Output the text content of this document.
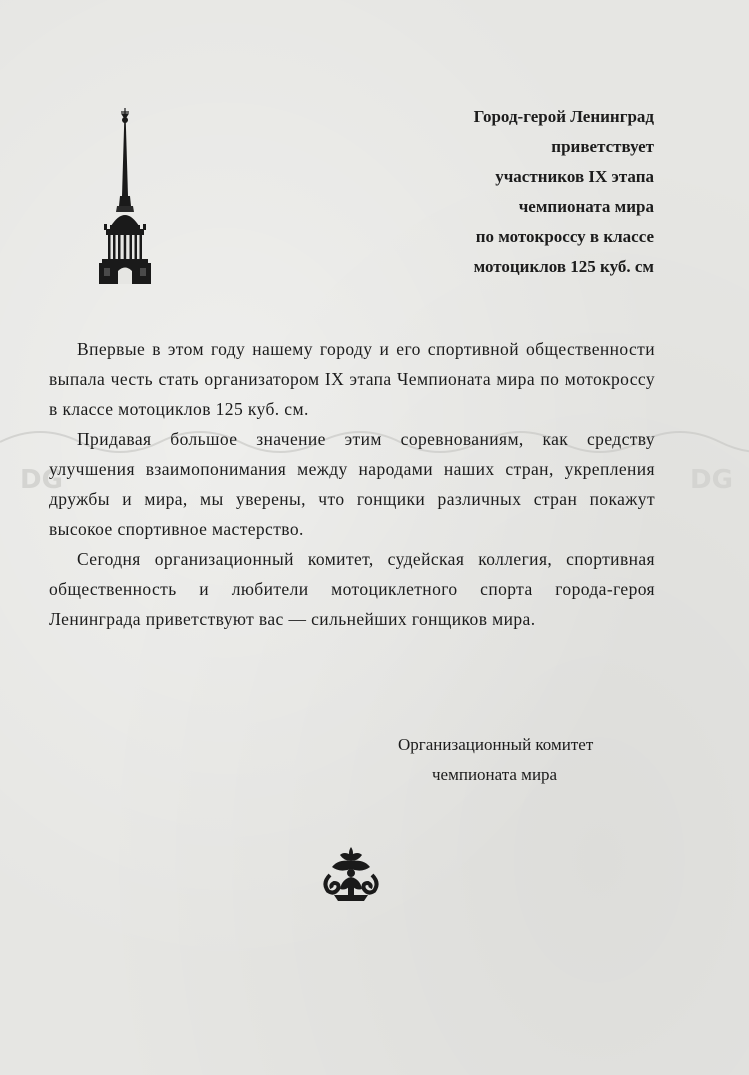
Город-герой Ленинград
приветствует
участников IX этапа
чемпионата мира
по мотокроссу в классе
мотоциклов 125 куб. см
DG	DG

Впервые в этом году нашему городу и его спортивной общественности выпала честь стать организатором IX этапа Чемпионата мира по мотокроссу в классе мотоциклов 125 куб. см.

Придавая большое значение этим соревнованиям, как средству улучшения взаимопонимания между народами наших стран, укрепления дружбы и мира, мы уверены, что гонщики различных стран покажут высокое спортивное мастерство.

Сегодня организационный комитет, судейская коллегия, спортивная общественность и любители мотоциклетного спорта города-героя Ленинграда приветствуют вас — сильнейших гонщиков мира.

Организационный комитет
чемпионата мира
